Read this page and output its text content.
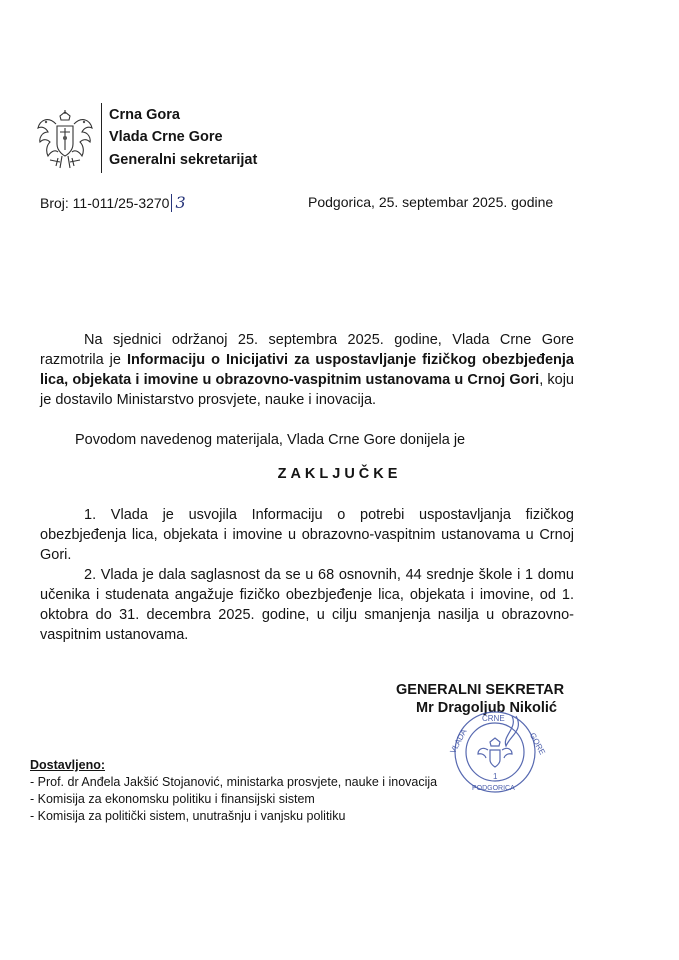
Crna Gora
Vlada Crne Gore
Generalni sekretarijat
Broj: 11-011/25-3270 3	Podgorica, 25. septembar 2025. godine
Na sjednici održanoj 25. septembra 2025. godine, Vlada Crne Gore razmotrila je Informaciju o Inicijativi za uspostavljanje fizičkog obezbjeđenja lica, objekata i imovine u obrazovno-vaspitnim ustanovama u Crnoj Gori, koju je dostavilo Ministarstvo prosvjete, nauke i inovacija.
Povodom navedenog materijala, Vlada Crne Gore donijela je
ZAKLJUČKE
1. Vlada je usvojila Informaciju o potrebi uspostavljanja fizičkog obezbjeđenja lica, objekata i imovine u obrazovno-vaspitnim ustanovama u Crnoj Gori.
2. Vlada je dala saglasnost da se u 68 osnovnih, 44 srednje škole i 1 domu učenika i studenata angažuje fizičko obezbjeđenje lica, objekata i imovine, od 1. oktobra do 31. decembra 2025. godine, u cilju smanjenja nasilja u obrazovno-vaspitnim ustanovama.
GENERALNI SEKRETAR
Mr Dragoljub Nikolić
VLADA
CRNE
GORE
1
PODGORICA
Dostavljeno:
- Prof. dr Anđela Jakšić Stojanović, ministarka prosvjete, nauke i inovacija
- Komisija za ekonomsku politiku i finansijski sistem
- Komisija za politički sistem, unutrašnju i vanjsku politiku
